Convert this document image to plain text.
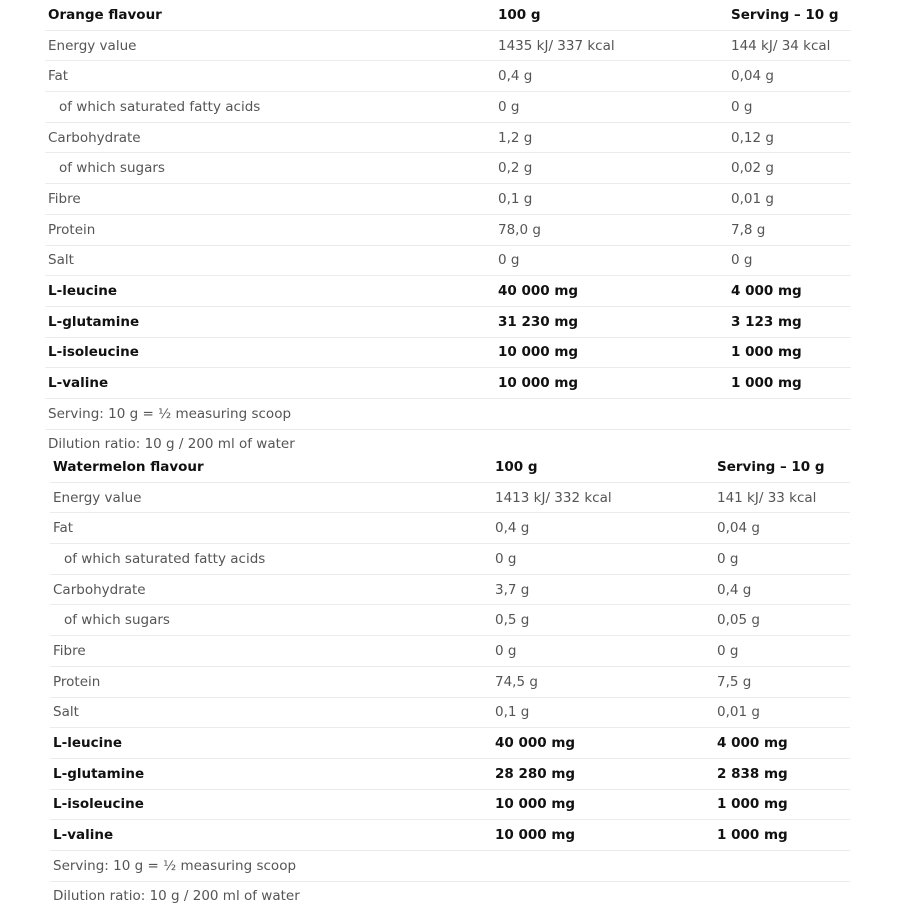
Orange flavour	100 g	Serving – 10 g
Energy value	1435 kJ/ 337 kcal	144 kJ/ 34 kcal
Fat	0,4 g	0,04 g
of which saturated fatty acids	0 g	0 g
Carbohydrate	1,2 g	0,12 g
of which sugars	0,2 g	0,02 g
Fibre	0,1 g	0,01 g
Protein	78,0 g	7,8 g
Salt	0 g	0 g
L-leucine	40 000 mg	4 000 mg
L-glutamine	31 230 mg	3 123 mg
L-isoleucine	10 000 mg	1 000 mg
L-valine	10 000 mg	1 000 mg
Serving: 10 g = ½ measuring scoop		
Dilution ratio: 10 g / 200 ml of water		
Watermelon flavour	100 g	Serving – 10 g
Energy value	1413 kJ/ 332 kcal	141 kJ/ 33 kcal
Fat	0,4 g	0,04 g
of which saturated fatty acids	0 g	0 g
Carbohydrate	3,7 g	0,4 g
of which sugars	0,5 g	0,05 g
Fibre	0 g	0 g
Protein	74,5 g	7,5 g
Salt	0,1 g	0,01 g
L-leucine	40 000 mg	4 000 mg
L-glutamine	28 280 mg	2 838 mg
L-isoleucine	10 000 mg	1 000 mg
L-valine	10 000 mg	1 000 mg
Serving: 10 g = ½ measuring scoop		
Dilution ratio: 10 g / 200 ml of water		
